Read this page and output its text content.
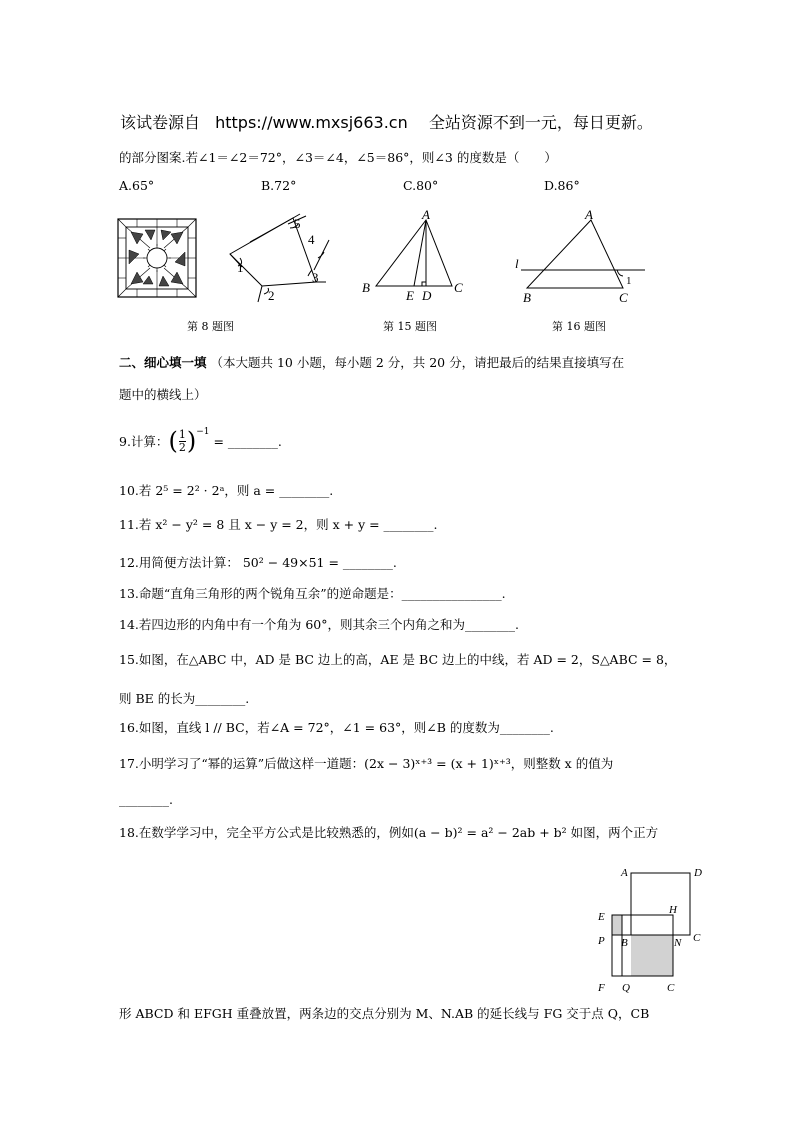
该试卷源自 https://www.mxsj663.cn 全站资源不到一元，每日更新。
的部分图案.若∠1＝∠2＝72°，∠3＝∠4，∠5＝86°，则∠3 的度数是（　　）
A.65°	B.72°	C.80°	D.86°
1
2
3
4
5
A
B
E D
C
A
l
1
B	C
第 8 题图	第 15 题图	第 16 题图
二、细心填一填 （本大题共 10 小题，每小题 2 分，共 20 分，请把最后的结果直接填写在
题中的横线上）
9.计算： ( $\frac{1}{2}$ ) −1
= ________.
10.若 2⁵ = 2² · 2ᵃ，则 a = ________.
11.若 x² − y² = 8 且 x − y = 2，则 x + y = ________.
12.用简便方法计算： 50² − 49×51 = ________.
13.命题“直角三角形的两个锐角互余”的逆命题是：________________.
14.若四边形的内角中有一个角为 60°，则其余三个内角之和为________.
15.如图，在△ABC 中，AD 是 BC 边上的高，AE 是 BC 边上的中线，若 AD = 2，S△ABC = 8，
则 BE 的长为________.
16.如图，直线 l // BC，若∠A = 72°，∠1 = 63°，则∠B 的度数为________.
17.小明学习了“幂的运算”后做这样一道题：(2x − 3)ˣ⁺³ = (x + 1)ˣ⁺³，则整数 x 的值为
________.
18.在数学学习中，完全平方公式是比较熟悉的，例如(a − b)² = a² − 2ab + b² 如图，两个正方
A	D
E
H
P B	N C
F Q	C
形 ABCD 和 EFGH 重叠放置，两条边的交点分别为 M、N.AB 的延长线与 FG 交于点 Q，CB
